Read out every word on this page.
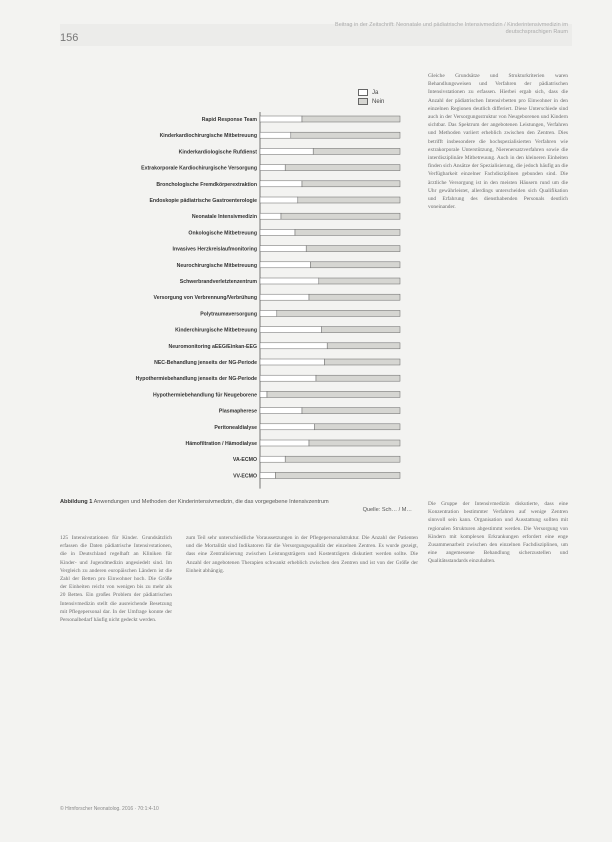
156
Beitrag in der Zeitschrift: Neonatale und pädiatrische Intensivmedizin / Kinderintensivmedizin im deutschsprachigen Raum
Ja
Nein
Rapid Response Team
Kinderkardiochirurgische Mitbetreuung
Kinderkardiologische Rufdienst
Extrakorporale Kardiochirurgische Versorgung
Bronchologische Fremdkörperextraktion
Endoskopie pädiatrische Gastroenterologie
Neonatale Intensivmedizin
Onkologische Mitbetreuung
Invasives Herzkreislaufmonitoring
Neurochirurgische Mitbetreuung
Schwerbrandverletztenzentrum
Versorgung von Verbrennung/Verbrühung
Polytraumaversorgung
Kinderchirurgische Mitbetreuung
Neuromonitoring aEEG/Einkan-EEG
NEC-Behandlung jenseits der NG-Periode
Hypothermiebehandlung jenseits der NG-Periode
Hypothermiebehandlung für Neugeborene
Plasmapherese
Peritonealdialyse
Hämofiltration / Hämodialyse
VA-ECMO
VV-ECMO
Abbildung 1 Anwendungen und Methoden der Kinderintensivmedizin, die das vorgegebene Intensivzentrum
Quelle: Sch… / M…

Gleiche Grundsätze und Strukturkriterien waren Behandlungsweisen und Verfahren der pädiatrischen Intensivstationen zu erfassen. Hierbei ergab sich, dass die Anzahl der pädiatrischen Intensivbetten pro Einwohner in den einzelnen Regionen deutlich differiert. Diese Unterschiede sind auch in der Versorgungsstruktur von Neugeborenen und Kindern sichtbar. Das Spektrum der angebotenen Leistungen, Verfahren und Methoden variiert erheblich zwischen den Zentren. Dies betrifft insbesondere die hochspezialisierten Verfahren wie extrakorporale Unterstützung, Nierenersatzverfahren sowie die interdisziplinäre Mitbetreuung. Auch in den kleineren Einheiten finden sich Ansätze der Spezialisierung, die jedoch häufig an die Verfügbarkeit einzelner Fachdisziplinen gebunden sind. Die ärztliche Versorgung ist in den meisten Häusern rund um die Uhr gewährleistet, allerdings unterscheiden sich Qualifikation und Erfahrung des diensthabenden Personals deutlich voneinander.

Die Gruppe der Intensivmedizin diskutierte, dass eine Konzentration bestimmter Verfahren auf wenige Zentren sinnvoll sein kann. Organisation und Ausstattung sollten mit regionalen Strukturen abgestimmt werden. Die Versorgung von Kindern mit komplexen Erkrankungen erfordert eine enge Zusammenarbeit zwischen den einzelnen Fachdisziplinen, um eine angemessene Behandlung sicherzustellen und Qualitätsstandards einzuhalten.

125 Intensivstationen für Kinder. Grundsätzlich erfassen die Daten pädiatrische Intensivstationen, die in Deutschland regelhaft an Kliniken für Kinder- und Jugendmedizin angesiedelt sind. Im Vergleich zu anderen europäischen Ländern ist die Zahl der Betten pro Einwohner hoch. Die Größe der Einheiten reicht von wenigen bis zu mehr als 20 Betten. Ein großes Problem der pädiatrischen Intensivmedizin stellt die ausreichende Besetzung mit Pflegepersonal dar. In der Umfrage konnte der Personalbedarf häufig nicht gedeckt werden.

zum Teil sehr unterschiedliche Voraussetzungen in der Pflegepersonalstruktur. Die Anzahl der Patienten und die Mortalität sind Indikatoren für die Versorgungsqualität der einzelnen Zentren. Es wurde gezeigt, dass eine Zentralisierung zwischen Leistungsträgern und Kostenträgern diskutiert werden sollte. Die Anzahl der angebotenen Therapien schwankt erheblich zwischen den Zentren und ist von der Größe der Einheit abhängig.

© Hirnforscher Neonatolog. 2016 · 70:1:4-10
